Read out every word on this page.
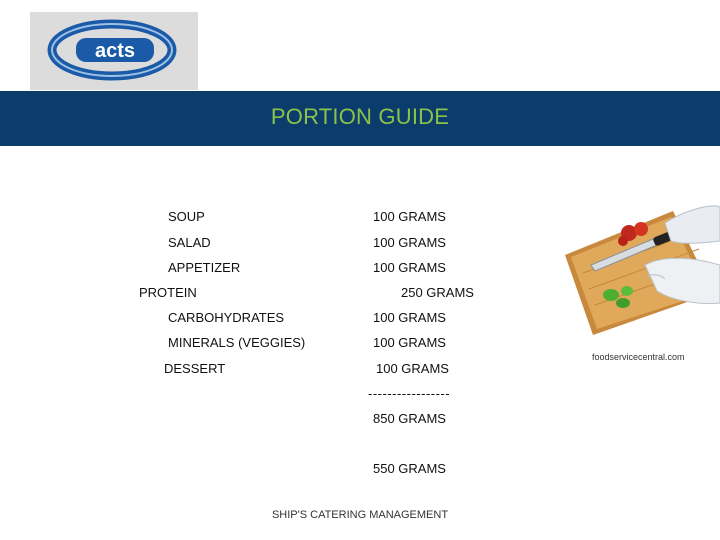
acts
PORTION GUIDE
SOUP	100 GRAMS
SALAD	100 GRAMS
APPETIZER	100 GRAMS
PROTEIN	250 GRAMS
CARBOHYDRATES	100 GRAMS
MINERALS (VEGGIES)	100 GRAMS
DESSERT	100 GRAMS
-----------------
850 GRAMS
550 GRAMS
foodservicecentral.com
SHIP'S CATERING MANAGEMENT
